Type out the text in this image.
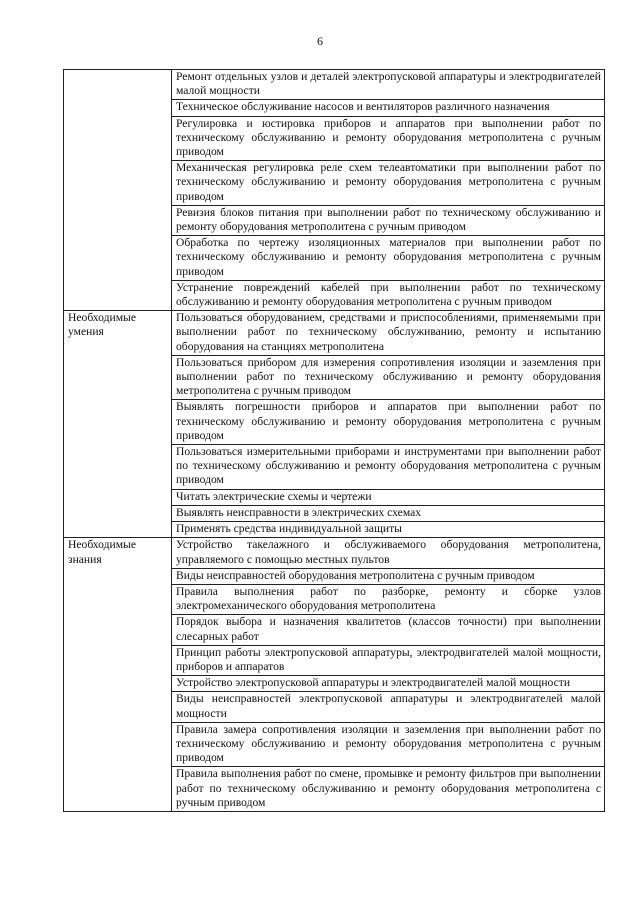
6
	Ремонт отдельных узлов и деталей электропусковой аппаратуры и электродвигателей малой мощности
	Техническое обслуживание насосов и вентиляторов различного назначения
	Регулировка и юстировка приборов и аппаратов при выполнении работ по техническому обслуживанию и ремонту оборудования метрополитена с ручным приводом
	Механическая регулировка реле схем телеавтоматики при выполнении работ по техническому обслуживанию и ремонту оборудования метрополитена с ручным приводом
	Ревизия блоков питания при выполнении работ по техническому обслуживанию и ремонту оборудования метрополитена с ручным приводом
	Обработка по чертежу изоляционных материалов при выполнении работ по техническому обслуживанию и ремонту оборудования метрополитена с ручным приводом
	Устранение повреждений кабелей при выполнении работ по техническому обслуживанию и ремонту оборудования метрополитена с ручным приводом
Необходимые умения	Пользоваться оборудованием, средствами и приспособлениями, применяемыми при выполнении работ по техническому обслуживанию, ремонту и испытанию оборудования на станциях метрополитена
	Пользоваться прибором для измерения сопротивления изоляции и заземления при выполнении работ по техническому обслуживанию и ремонту оборудования метрополитена с ручным приводом
	Выявлять погрешности приборов и аппаратов при выполнении работ по техническому обслуживанию и ремонту оборудования метрополитена с ручным приводом
	Пользоваться измерительными приборами и инструментами при выполнении работ по техническому обслуживанию и ремонту оборудования метрополитена с ручным приводом
	Читать электрические схемы и чертежи
	Выявлять неисправности в электрических схемах
	Применять средства индивидуальной защиты
Необходимые знания	Устройство такелажного и обслуживаемого оборудования метрополитена, управляемого с помощью местных пультов
	Виды неисправностей оборудования метрополитена с ручным приводом
	Правила выполнения работ по разборке, ремонту и сборке узлов электромеханического оборудования метрополитена
	Порядок выбора и назначения квалитетов (классов точности) при выполнении слесарных работ
	Принцип работы электропусковой аппаратуры, электродвигателей малой мощности, приборов и аппаратов
	Устройство электропусковой аппаратуры и электродвигателей малой мощности
	Виды неисправностей электропусковой аппаратуры и электродвигателей малой мощности
	Правила замера сопротивления изоляции и заземления при выполнении работ по техническому обслуживанию и ремонту оборудования метрополитена с ручным приводом
	Правила выполнения работ по смене, промывке и ремонту фильтров при выполнении работ по техническому обслуживанию и ремонту оборудования метрополитена с ручным приводом
